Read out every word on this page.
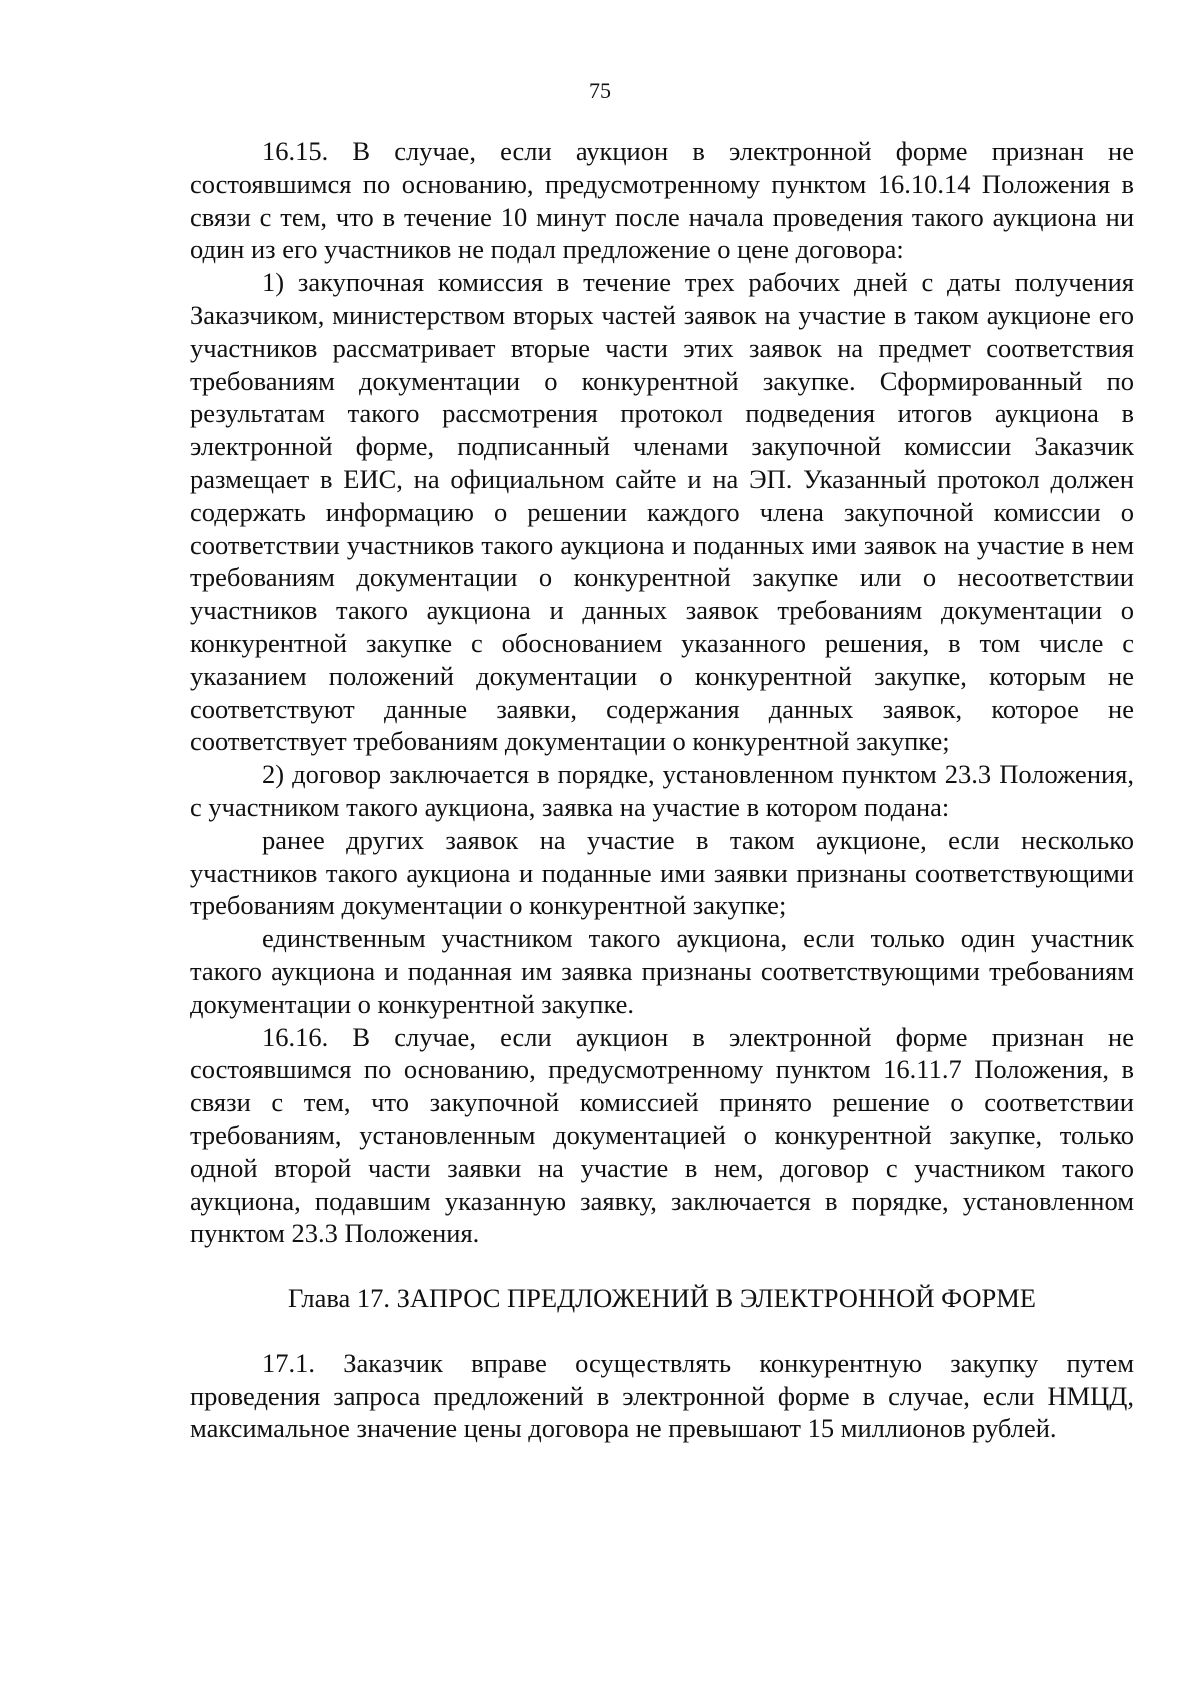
75

16.15. В случае, если аукцион в электронной форме признан не состоявшимся по основанию, предусмотренному пунктом 16.10.14 Положения в связи с тем, что в течение 10 минут после начала проведения такого аукциона ни один из его участников не подал предложение о цене договора:

1) закупочная комиссия в течение трех рабочих дней с даты получения Заказчиком, министерством вторых частей заявок на участие в таком аукционе его участников рассматривает вторые части этих заявок на предмет соответствия требованиям документации о конкурентной закупке. Сформированный по результатам такого рассмотрения протокол подведения итогов аукциона в электронной форме, подписанный членами закупочной комиссии Заказчик размещает в ЕИС, на официальном сайте и на ЭП. Указанный протокол должен содержать информацию о решении каждого члена закупочной комиссии о соответствии участников такого аукциона и поданных ими заявок на участие в нем требованиям документации о конкурентной закупке или о несоответствии участников такого аукциона и данных заявок требованиям документации о конкурентной закупке с обоснованием указанного решения, в том числе с указанием положений документации о конкурентной закупке, которым не соответствуют данные заявки, содержания данных заявок, которое не соответствует требованиям документации о конкурентной закупке;

2) договор заключается в порядке, установленном пунктом 23.3 Положения, с участником такого аукциона, заявка на участие в котором подана:

ранее других заявок на участие в таком аукционе, если несколько участников такого аукциона и поданные ими заявки признаны соответствующими требованиям документации о конкурентной закупке;

единственным участником такого аукциона, если только один участник такого аукциона и поданная им заявка признаны соответствующими требованиям документации о конкурентной закупке.

16.16. В случае, если аукцион в электронной форме признан не состоявшимся по основанию, предусмотренному пунктом 16.11.7 Положения, в связи с тем, что закупочной комиссией принято решение о соответствии требованиям, установленным документацией о конкурентной закупке, только одной второй части заявки на участие в нем, договор с участником такого аукциона, подавшим указанную заявку, заключается в порядке, установленном пунктом 23.3 Положения.

Глава 17. ЗАПРОС ПРЕДЛОЖЕНИЙ В ЭЛЕКТРОННОЙ ФОРМЕ

17.1. Заказчик вправе осуществлять конкурентную закупку путем проведения запроса предложений в электронной форме в случае, если НМЦД, максимальное значение цены договора не превышают 15 миллионов рублей.
